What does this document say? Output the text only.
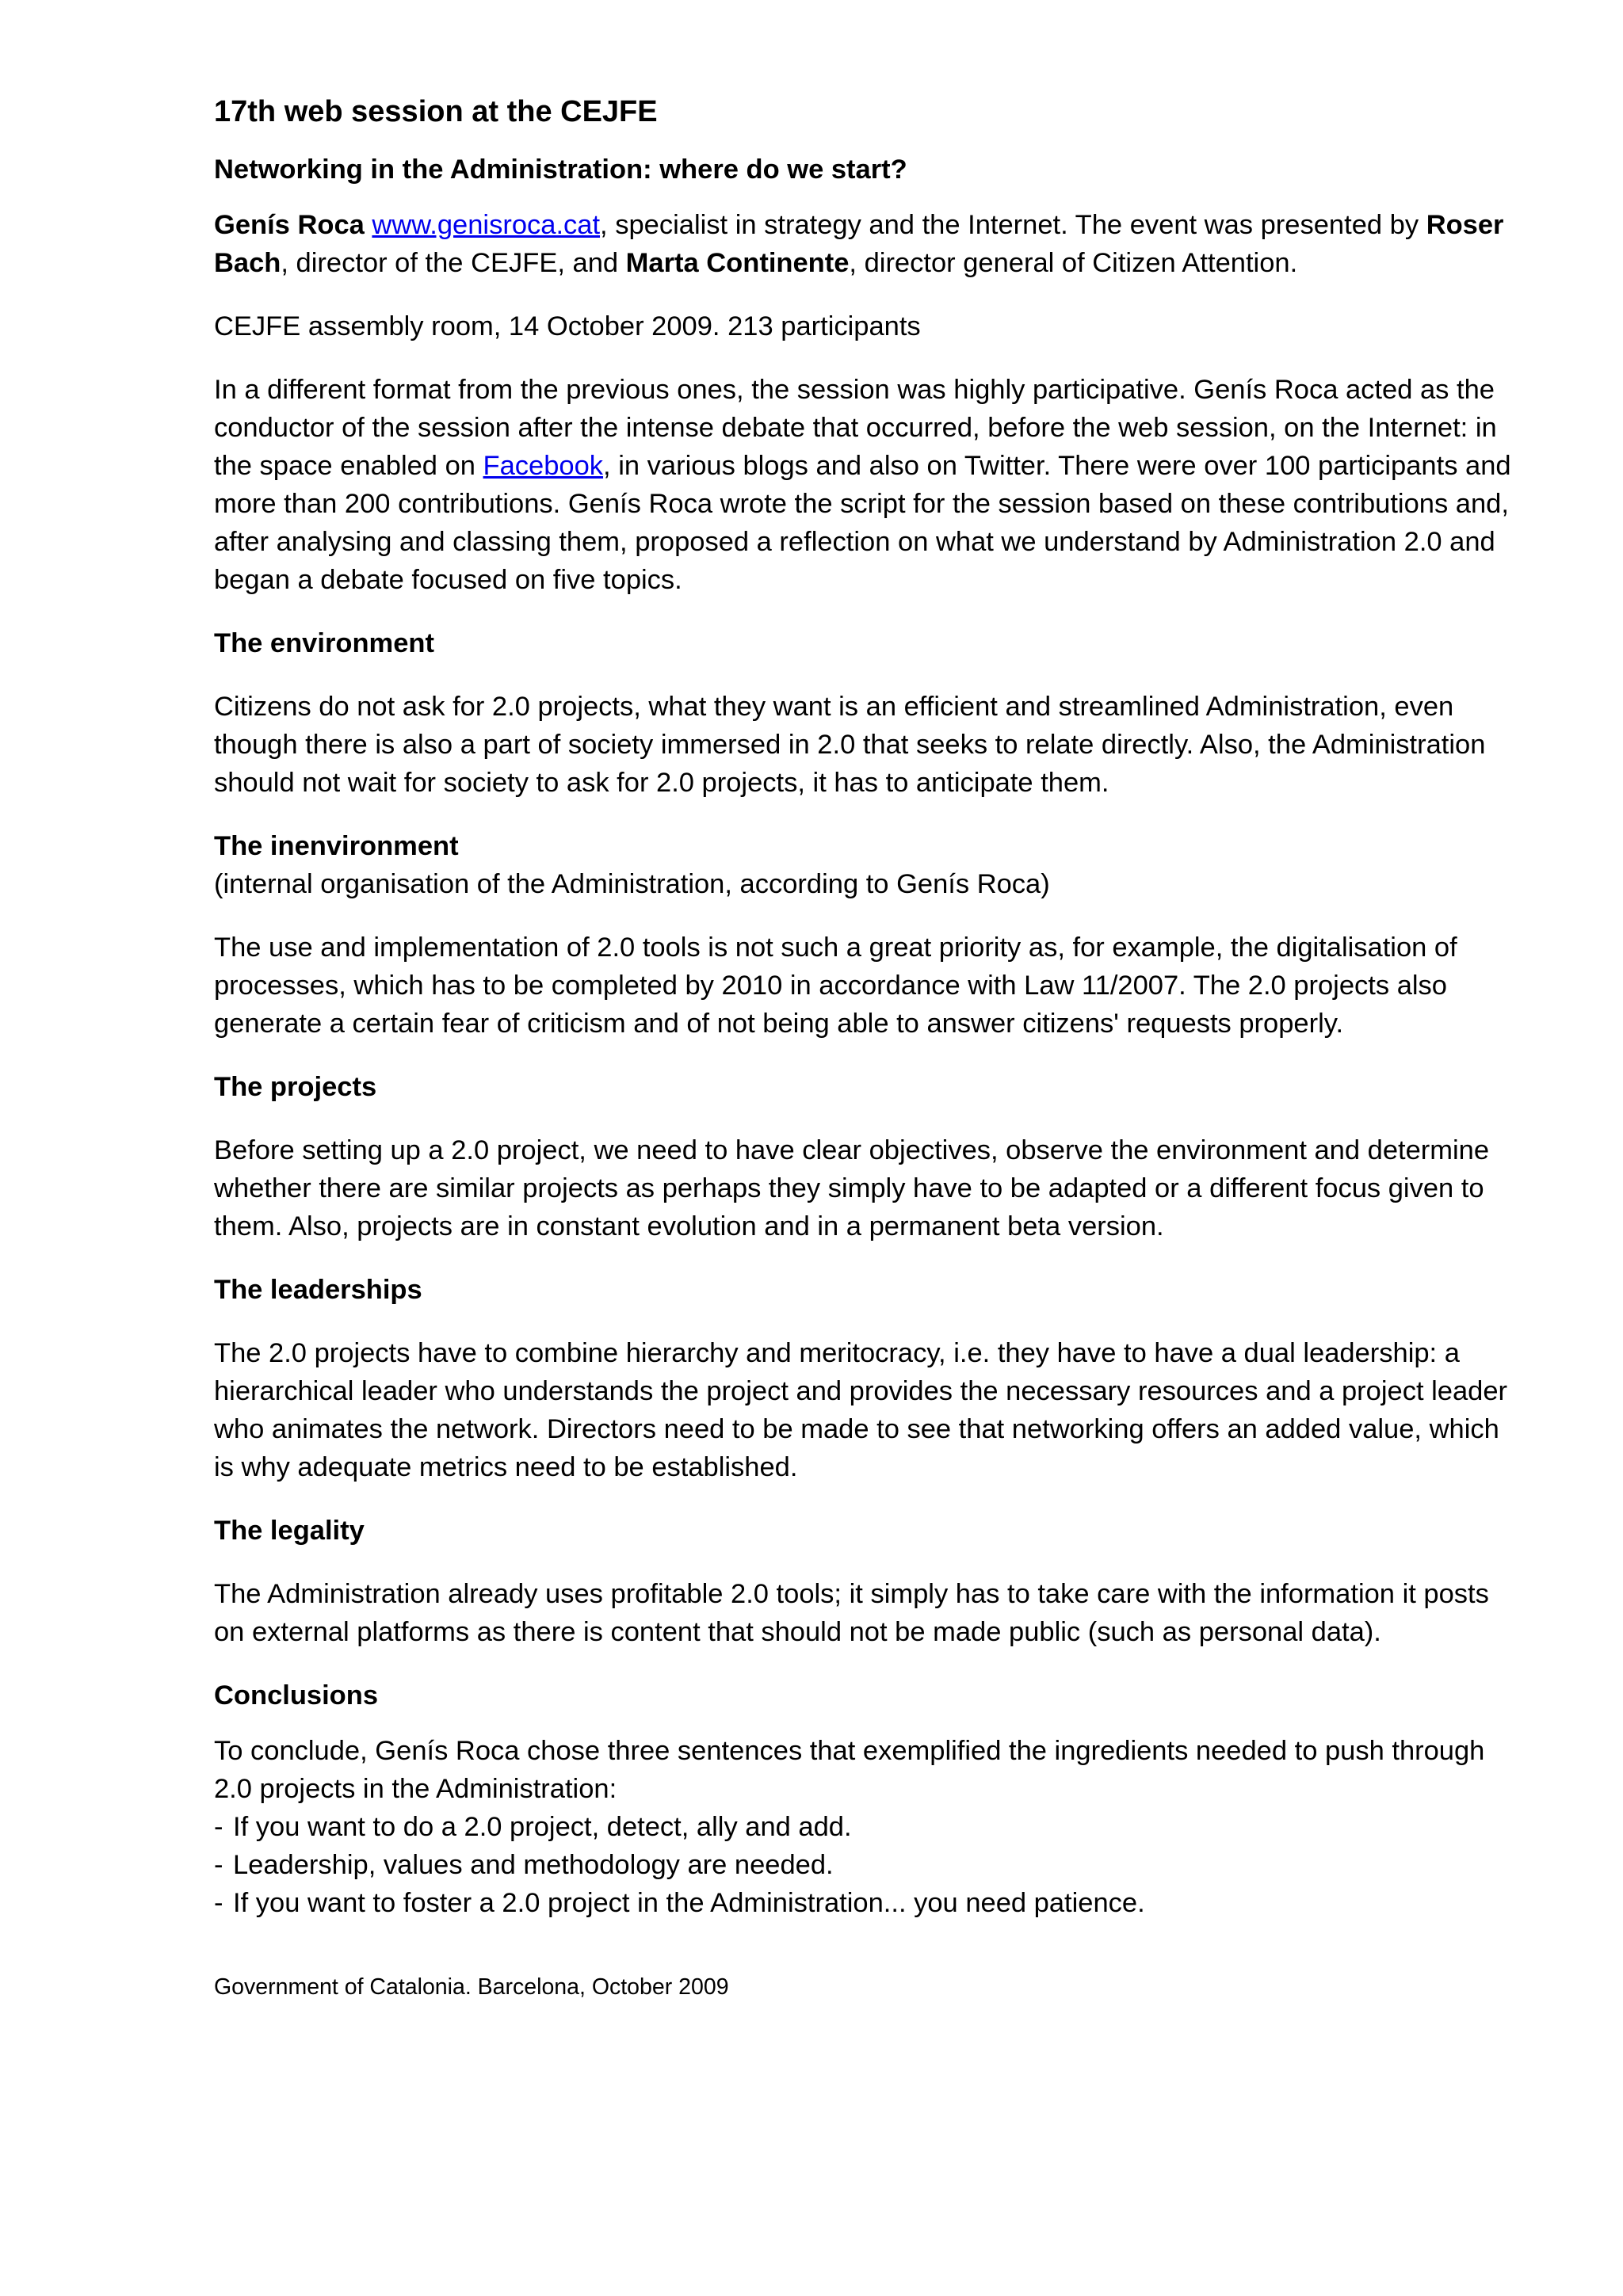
17th web session at the CEJFE

Networking in the Administration: where do we start?

Genís Roca www.genisroca.cat, specialist in strategy and the Internet. The event was presented by Roser Bach, director of the CEJFE, and Marta Continente, director general of Citizen Attention.

CEJFE assembly room, 14 October 2009. 213 participants

In a different format from the previous ones, the session was highly participative. Genís Roca acted as the conductor of the session after the intense debate that occurred, before the web session, on the Internet: in the space enabled on Facebook, in various blogs and also on Twitter. There were over 100 participants and more than 200 contributions. Genís Roca wrote the script for the session based on these contributions and, after analysing and classing them, proposed a reflection on what we understand by Administration 2.0 and began a debate focused on five topics.

The environment

Citizens do not ask for 2.0 projects, what they want is an efficient and streamlined Administration, even though there is also a part of society immersed in 2.0 that seeks to relate directly. Also, the Administration should not wait for society to ask for 2.0 projects, it has to anticipate them.

The inenvironment

(internal organisation of the Administration, according to Genís Roca)

The use and implementation of 2.0 tools is not such a great priority as, for example, the digitalisation of processes, which has to be completed by 2010 in accordance with Law 11/2007. The 2.0 projects also generate a certain fear of criticism and of not being able to answer citizens' requests properly.

The projects

Before setting up a 2.0 project, we need to have clear objectives, observe the environment and determine whether there are similar projects as perhaps they simply have to be adapted or a different focus given to them. Also, projects are in constant evolution and in a permanent beta version.

The leaderships

The 2.0 projects have to combine hierarchy and meritocracy, i.e. they have to have a dual leadership: a hierarchical leader who understands the project and provides the necessary resources and a project leader who animates the network. Directors need to be made to see that networking offers an added value, which is why adequate metrics need to be established.

The legality

The Administration already uses profitable 2.0 tools; it simply has to take care with the information it posts on external platforms as there is content that should not be made public (such as personal data).

Conclusions

To conclude, Genís Roca chose three sentences that exemplified the ingredients needed to push through 2.0 projects in the Administration:

- If you want to do a 2.0 project, detect, ally and add.
- Leadership, values and methodology are needed.
- If you want to foster a 2.0 project in the Administration... you need patience.

Government of Catalonia. Barcelona, October 2009
